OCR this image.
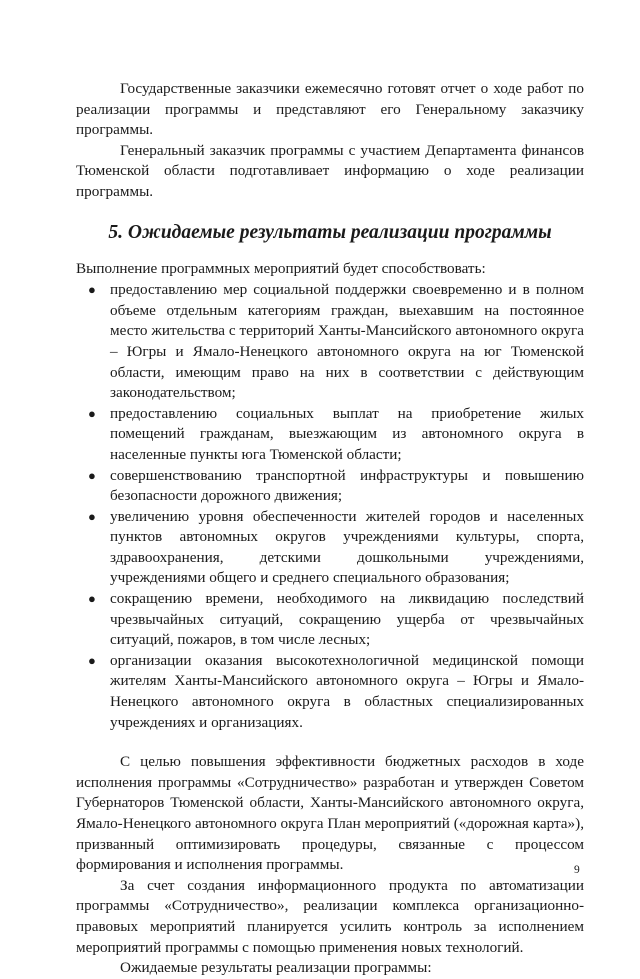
Государственные заказчики ежемесячно готовят отчет о ходе работ по реализации программы и представляют его Генеральному заказчику программы.

Генеральный заказчик программы с участием Департамента финансов Тюменской области подготавливает информацию о ходе реализации программы.

5. Ожидаемые результаты реализации программы

Выполнение программных мероприятий будет способствовать:

● предоставлению мер социальной поддержки своевременно и в полном объеме отдельным категориям граждан, выехавшим на постоянное место жительства с территорий Ханты-Мансийского автономного округа – Югры и Ямало-Ненецкого автономного округа на юг Тюменской области, имеющим право на них в соответствии с действующим законодательством;
● предоставлению социальных выплат на приобретение жилых помещений гражданам, выезжающим из автономного округа в населенные пункты юга Тюменской области;
● совершенствованию транспортной инфраструктуры и повышению безопасности дорожного движения;
● увеличению уровня обеспеченности жителей городов и населенных пунктов автономных округов учреждениями культуры, спорта, здравоохранения, детскими дошкольными учреждениями, учреждениями общего и среднего специального образования;
● сокращению времени, необходимого на ликвидацию последствий чрезвычайных ситуаций, сокращению ущерба от чрезвычайных ситуаций, пожаров, в том числе лесных;
● организации оказания высокотехнологичной медицинской помощи жителям Ханты-Мансийского автономного округа – Югры и Ямало-Ненецкого автономного округа в областных специализированных учреждениях и организациях.

С целью повышения эффективности бюджетных расходов в ходе исполнения программы «Сотрудничество» разработан и утвержден Советом Губернаторов Тюменской области, Ханты-Мансийского автономного округа, Ямало-Ненецкого автономного округа План мероприятий («дорожная карта»), призванный оптимизировать процедуры, связанные с процессом формирования и исполнения программы.

За счет создания информационного продукта по автоматизации программы «Сотрудничество», реализации комплекса организационно-правовых мероприятий планируется усилить контроль за исполнением мероприятий программы с помощью применения новых технологий.

Ожидаемые результаты реализации программы:

9
